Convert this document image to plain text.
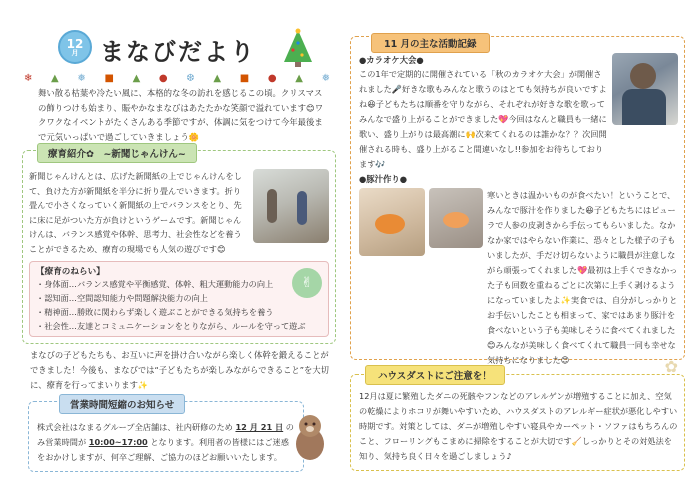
12
月 まなびだより
❄ ▲ ❅ ■ ▲ ● ❆ ▲ ■ ● ▲ ❅
舞い散る枯葉や冷たい風に、本格的な冬の訪れを感じるこの頃。クリスマスの飾りつけも始まり、賑やかなまなびはあたたかな笑顔で溢れています😊ワクワクなイベントがたくさんある季節ですが、体調に気をつけて今年最後まで元気いっぱいで過ごしていきましょう🌼
療育紹介✿　~新聞じゃんけん~
新聞じゃんけんとは、広げた新聞紙の上でじゃんけんをして、負けた方が新聞紙を半分に折り畳んでいきます。折り畳んで小さくなっていく新聞紙の上でバランスをとり、先に床に足がついた方が負けというゲームです。新聞じゃんけんは、バランス感覚や体幹、思考力、社会性などを養うことができるため、療育の現場でも人気の遊びです😊
【療育のねらい】
・身体面…バランス感覚や平衡感覚、体幹、粗大運動能力の向上
・認知面…空間認知能力や問題解決能力の向上
・精神面…勝敗に関わらず楽しく遊ぶことができる気持ちを養う
・社会性…友達とコミュニケーションをとりながら、ルールを守って遊ぶ
✌
まなびの子どもたちも、お互いに声を掛け合いながら楽しく体幹を鍛えることができました！今後も、まなびでは“子どもたちが楽しみながらできること”を大切に、療育を行ってまいります✨
営業時間短縮のお知らせ
株式会社はなまるグループ全店舗は、社内研修のため 12 月 21 日 のみ営業時間が 10:00~17:00 となります。利用者の皆様にはご迷惑をおかけしますが、何卒ご理解、ご協力のほどお願いいたします。
11 月の主な活動記録
●カラオケ大会●
この1年で定期的に開催されている「秋のカラオケ大会」が開催されました🎤好きな歌もみんなと歌うのはとても気持ちが良いですよね😆子どもたちは順番を守りながら、それぞれが好きな歌を歌ってみんなで盛り上がることができました💖今回はなんと職員も一緒に歌い、盛り上がりは最高潮に🙌次来てくれるのは誰かな？？次回開催される時も、盛り上がること間違いなし!!参加をお待ちしております🎶
●豚汁作り●
寒いときは温かいものが食べたい！ということで、みんなで豚汁を作りました😆子どもたちにはピューラで人参の皮剥きから手伝ってもらいました。なかなか家ではやらない作業に、恐々とした様子の子もいましたが、手だけ切らないように職員が注意しながら頑張ってくれました💖最初は上手くできなかった子も回数を重ねるごとに次第に上手く剥けるようになっていましたよ✨実食では、自分がしっかりとお手伝いしたことも相まって、家ではあまり豚汁を食べないという子も美味しそうに食べてくれました😊みんなが美味しく食べてくれて職員一同も幸せな気持ちになりました😊
ハウスダストにご注意を！
✿
12月は夏に繁殖したダニの死骸やフンなどのアレルゲンが増殖することに加え、空気の乾燥によりホコリが舞いやすいため、ハウスダストのアレルギー症状が悪化しやすい時期です。対策としては、ダニが増殖しやすい寝具やカーペット・ソファはもちろんのこと、フローリングもこまめに掃除をすることが大切です🧹しっかりとその対処法を知り、気持ち良く日々を過ごしましょう♪
